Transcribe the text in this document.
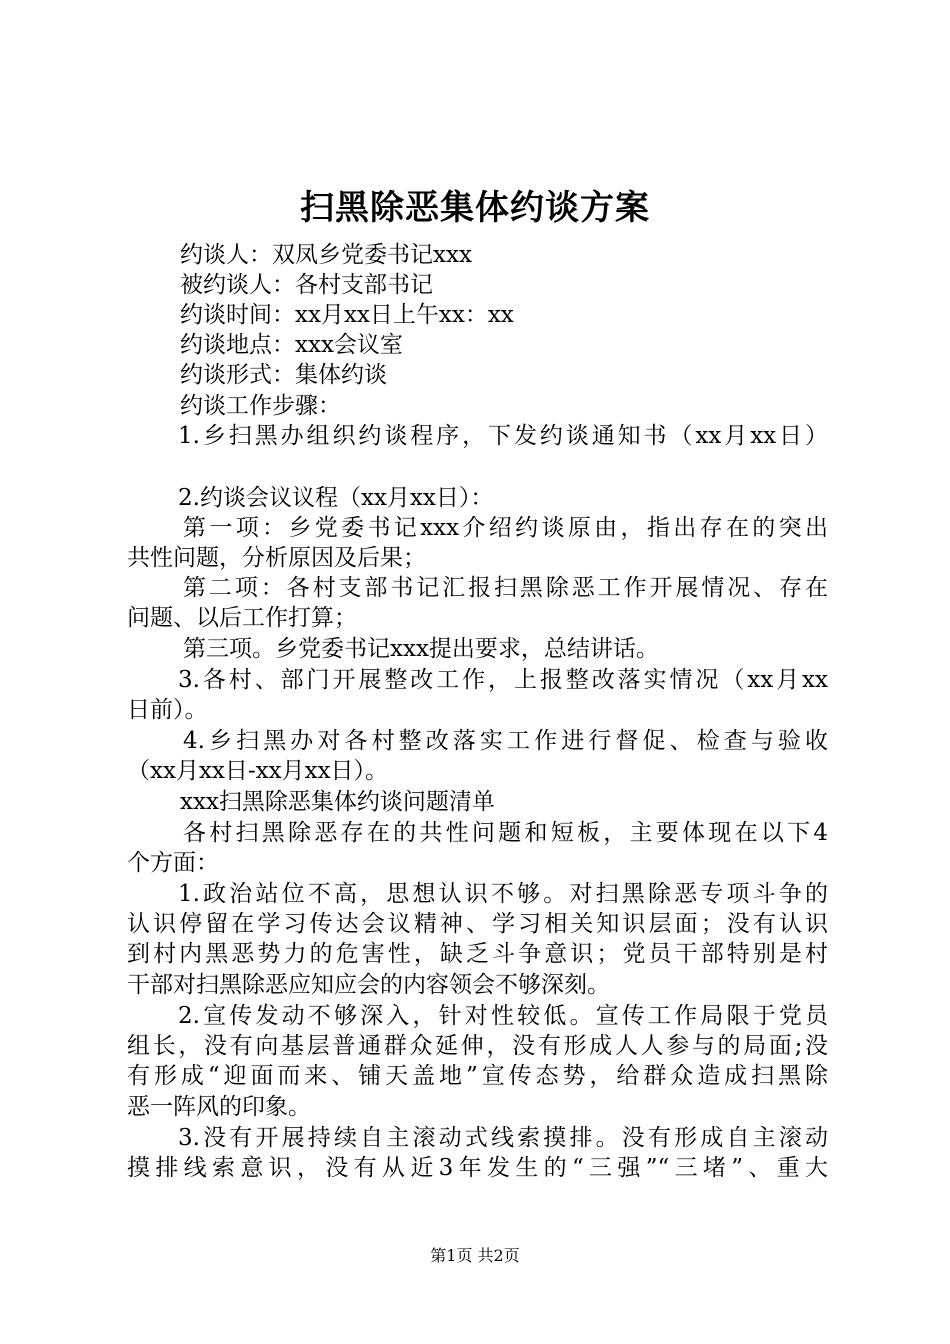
扫黑除恶集体约谈方案
约谈人：双凤乡党委书记xxx
被约谈人：各村支部书记
约谈时间：xx月xx日上午xx：xx
约谈地点：xxx会议室
约谈形式：集体约谈
约谈工作步骤：
1.乡扫黑办组织约谈程序，下发约谈通知书（xx月xx日）
2.约谈会议议程（xx月xx日）：
第一项：乡党委书记xxx介绍约谈原由，指出存在的突出
共性问题，分析原因及后果；
第二项：各村支部书记汇报扫黑除恶工作开展情况、存在
问题、以后工作打算；
第三项。乡党委书记xxx提出要求，总结讲话。
3.各村、部门开展整改工作，上报整改落实情况（xx月xx
日前）。
4.乡扫黑办对各村整改落实工作进行督促、检查与验收
（xx月xx日-xx月xx日）。
xxx扫黑除恶集体约谈问题清单
各村扫黑除恶存在的共性问题和短板，主要体现在以下4
个方面：
1.政治站位不高，思想认识不够。对扫黑除恶专项斗争的
认识停留在学习传达会议精神、学习相关知识层面；没有认识
到村内黑恶势力的危害性，缺乏斗争意识；党员干部特别是村
干部对扫黑除恶应知应会的内容领会不够深刻。
2.宣传发动不够深入，针对性较低。宣传工作局限于党员
组长，没有向基层普通群众延伸，没有形成人人参与的局面;没
有形成“迎面而来、铺天盖地”宣传态势，给群众造成扫黑除
恶一阵风的印象。
3.没有开展持续自主滚动式线索摸排。没有形成自主滚动
摸排线索意识，没有从近3年发生的“三强”“三堵”、重大
第1页 共2页
